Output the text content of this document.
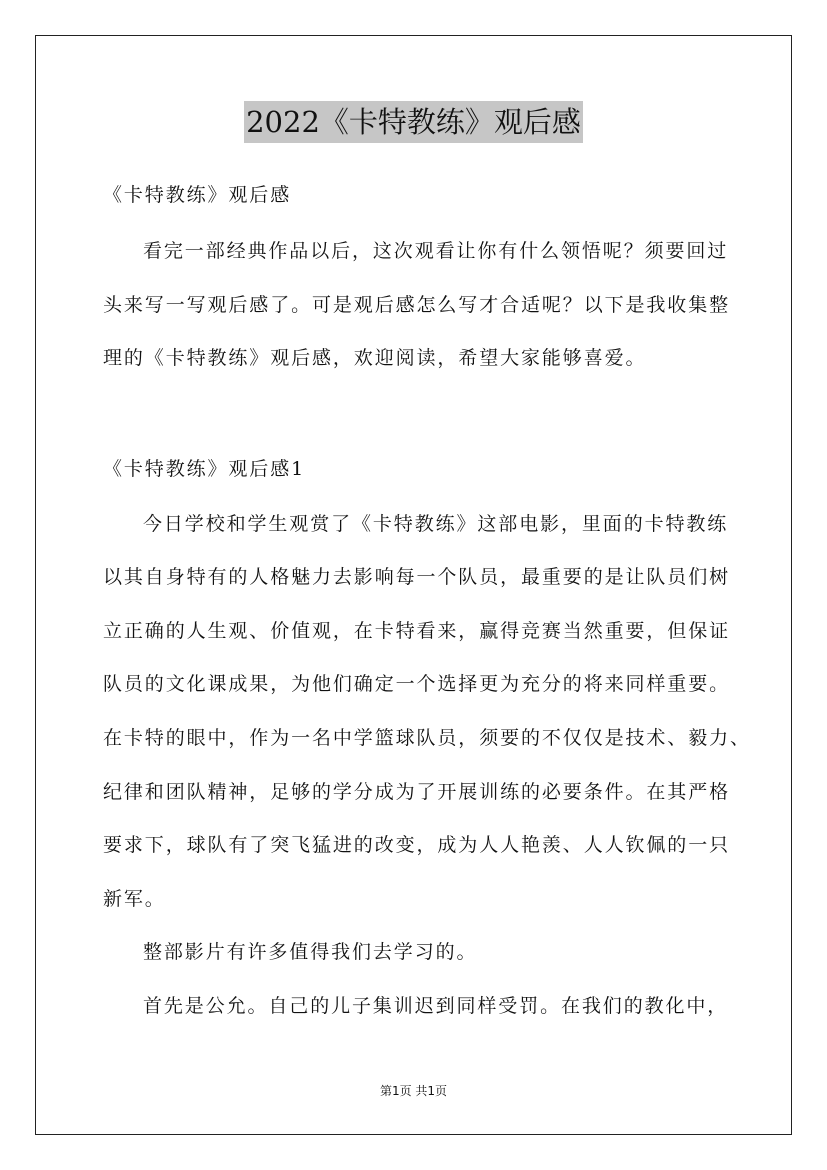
2022《卡特教练》观后感
《卡特教练》观后感
看完一部经典作品以后，这次观看让你有什么领悟呢？须要回过
头来写一写观后感了。可是观后感怎么写才合适呢？以下是我收集整
理的《卡特教练》观后感，欢迎阅读，希望大家能够喜爱。
《卡特教练》观后感1
今日学校和学生观赏了《卡特教练》这部电影，里面的卡特教练
以其自身特有的人格魅力去影响每一个队员，最重要的是让队员们树
立正确的人生观、价值观，在卡特看来，赢得竞赛当然重要，但保证
队员的文化课成果，为他们确定一个选择更为充分的将来同样重要。
在卡特的眼中，作为一名中学篮球队员，须要的不仅仅是技术、毅力、
纪律和团队精神，足够的学分成为了开展训练的必要条件。在其严格
要求下，球队有了突飞猛进的改变，成为人人艳羡、人人钦佩的一只
新军。
整部影片有许多值得我们去学习的。
首先是公允。自己的儿子集训迟到同样受罚。在我们的教化中，
第1页 共1页
